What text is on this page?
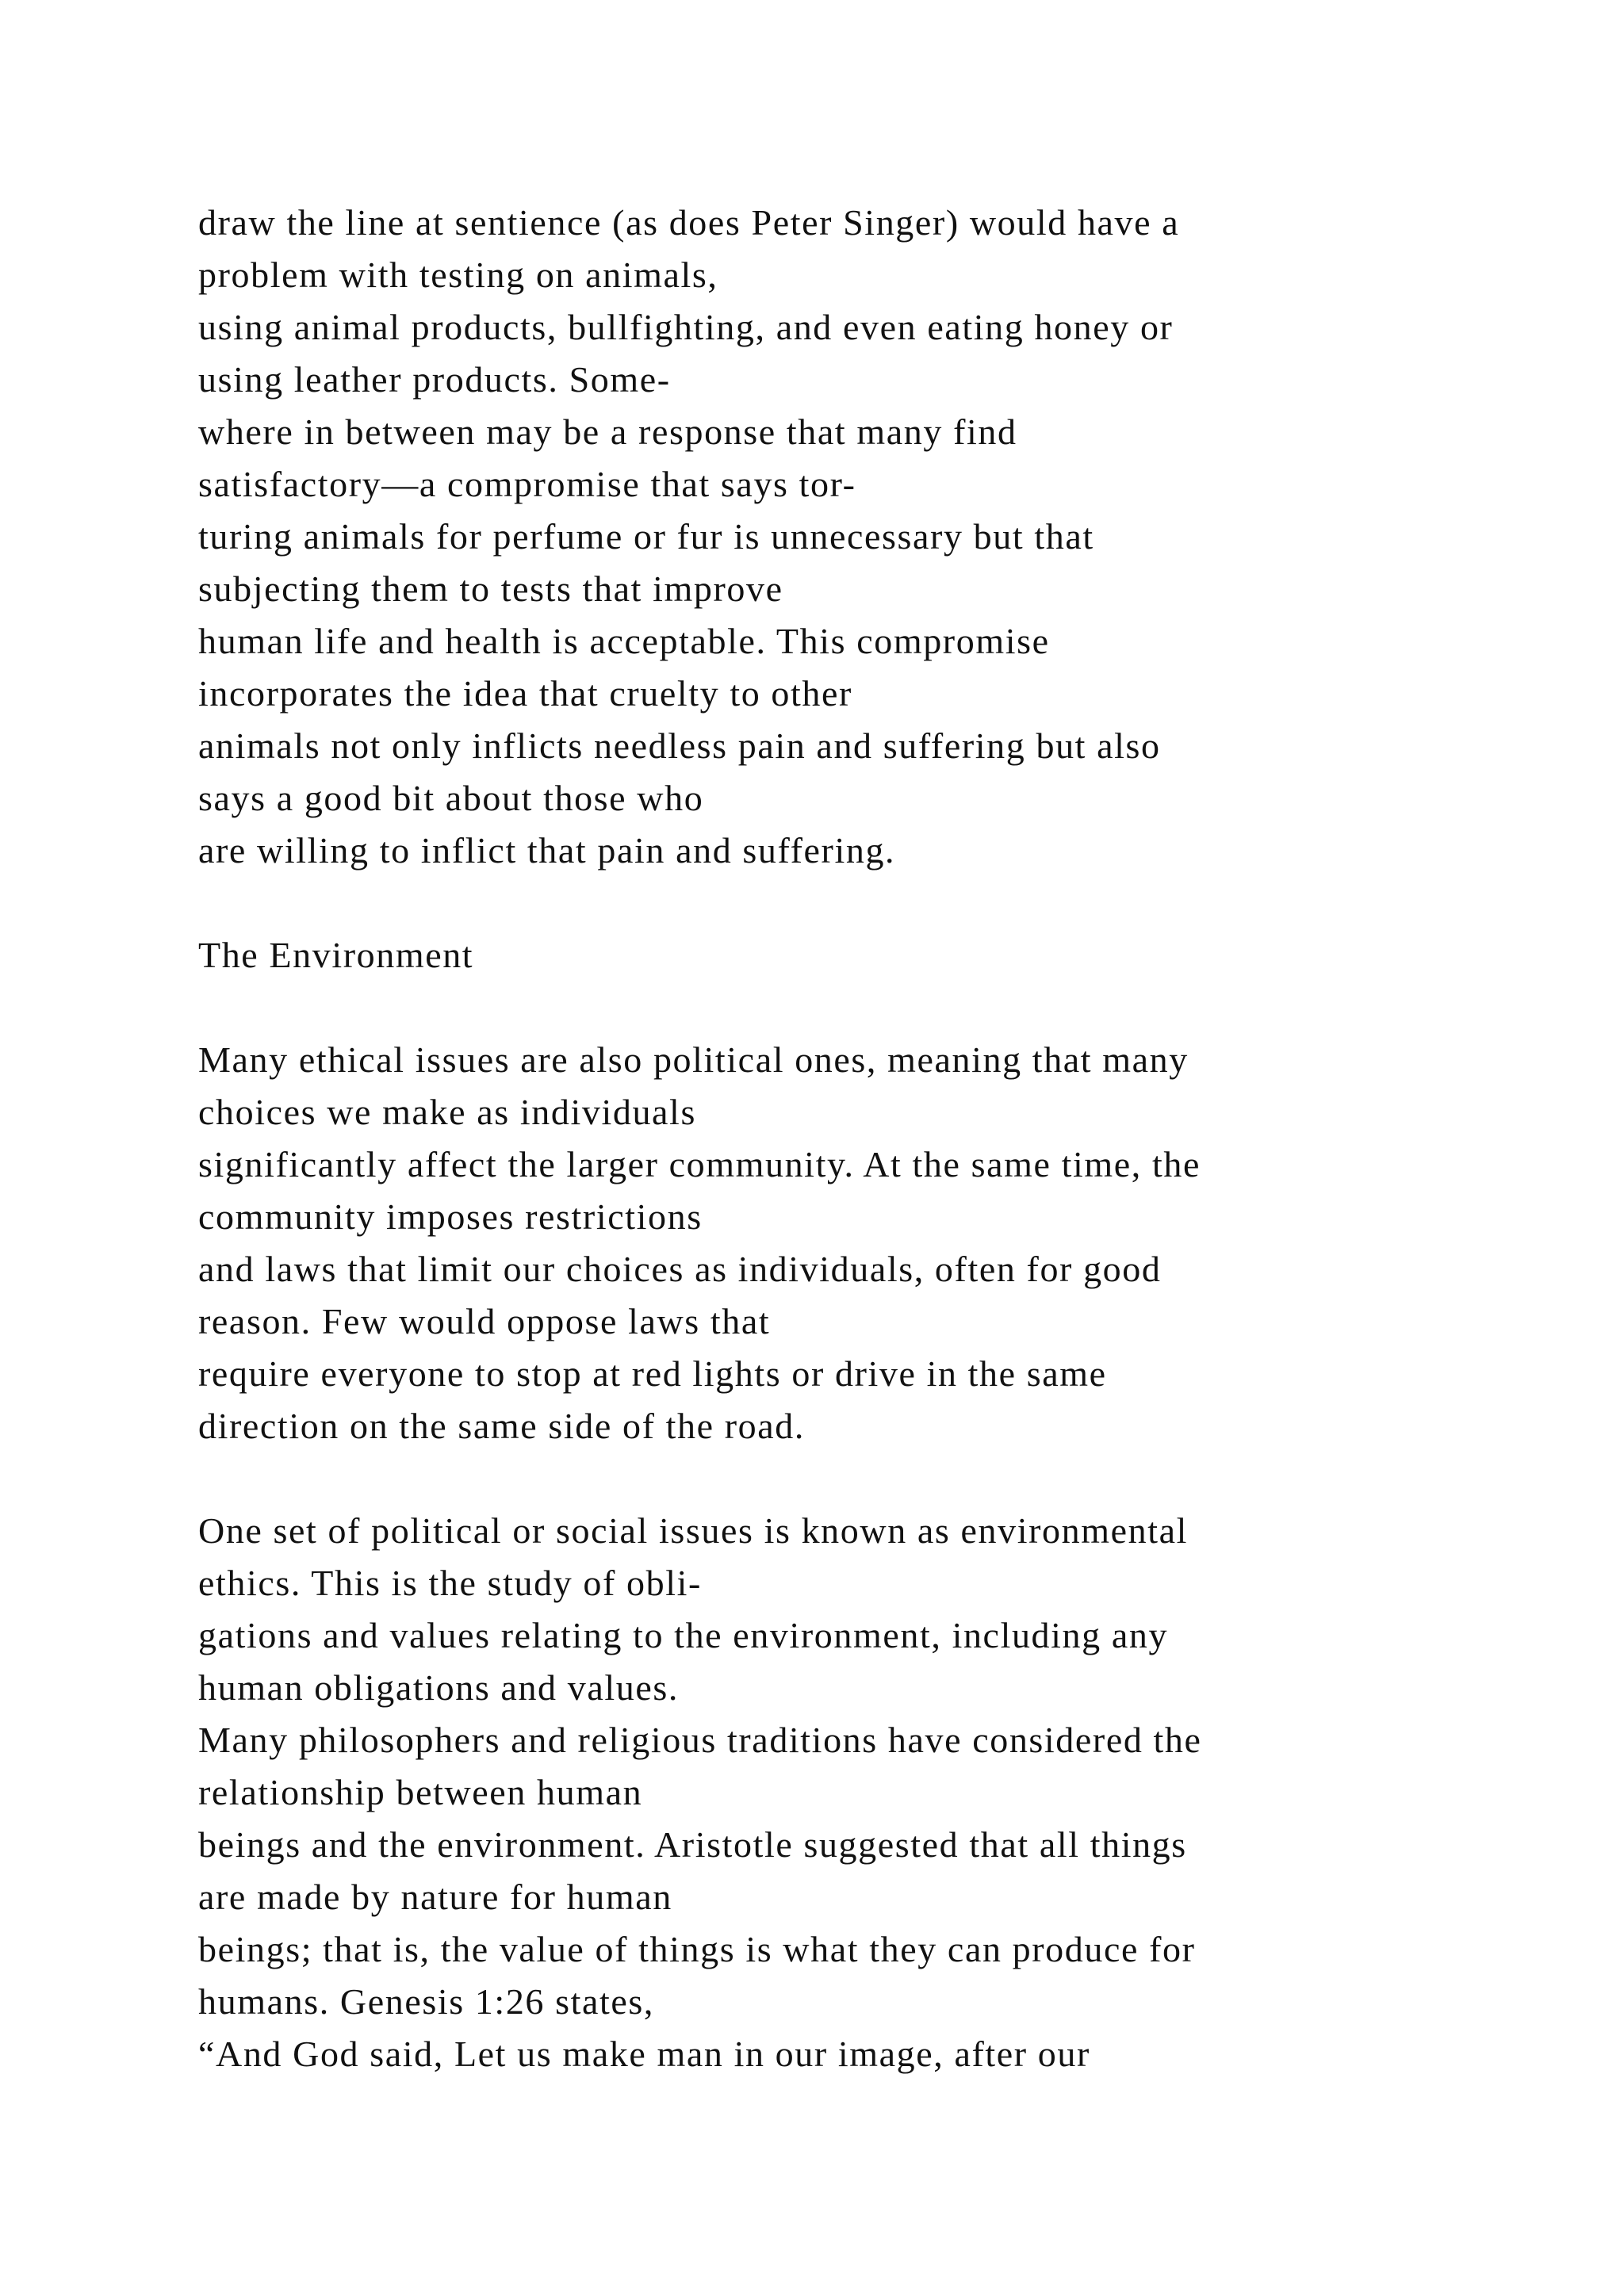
draw the line at sentience (as does Peter Singer) would have a

problem with testing on animals,

using animal products, bullfighting, and even eating honey or

using leather products. Some-

where in between may be a response that many find

satisfactory—a compromise that says tor-

turing animals for perfume or fur is unnecessary but that

subjecting them to tests that improve

human life and health is acceptable. This compromise

incorporates the idea that cruelty to other

animals not only inflicts needless pain and suffering but also

says a good bit about those who

are willing to inflict that pain and suffering.

The Environment

Many ethical issues are also political ones, meaning that many

choices we make as individuals

significantly affect the larger community. At the same time, the

community imposes restrictions

and laws that limit our choices as individuals, often for good

reason. Few would oppose laws that

require everyone to stop at red lights or drive in the same

direction on the same side of the road.

One set of political or social issues is known as environmental

ethics. This is the study of obli-

gations and values relating to the environment, including any

human obligations and values.

Many philosophers and religious traditions have considered the

relationship between human

beings and the environment. Aristotle suggested that all things

are made by nature for human

beings; that is, the value of things is what they can produce for

humans. Genesis 1:26 states,

“And God said, Let us make man in our image, after our
